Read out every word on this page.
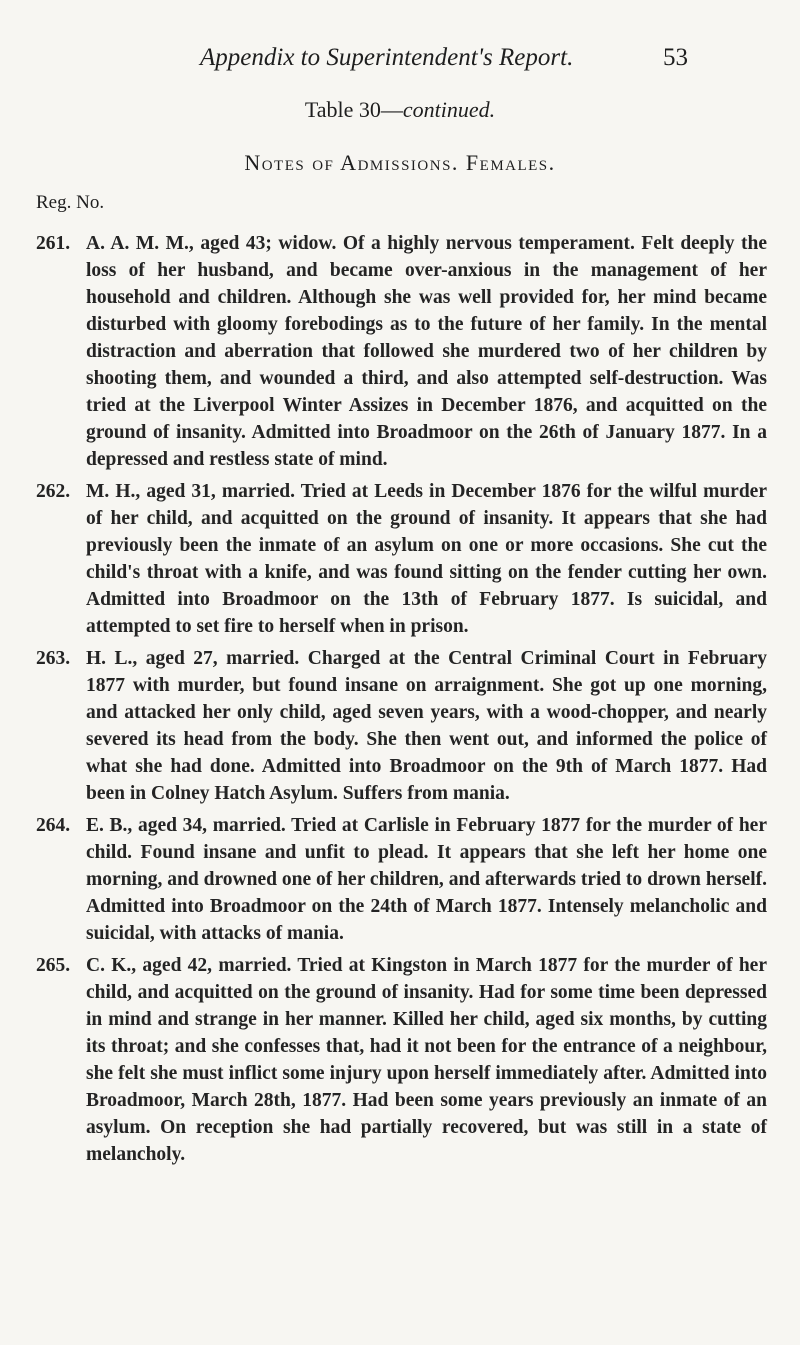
Appendix to Superintendent's Report.	53
Table 30—continued.
Notes of Admissions. Females.
Reg. No.
261. A. A. M. M., aged 43; widow. Of a highly nervous temperament. Felt deeply the loss of her husband, and became over-anxious in the management of her household and children. Although she was well provided for, her mind became disturbed with gloomy forebodings as to the future of her family. In the mental distraction and aberration that followed she murdered two of her children by shooting them, and wounded a third, and also attempted self-destruction. Was tried at the Liverpool Winter Assizes in December 1876, and acquitted on the ground of insanity. Admitted into Broadmoor on the 26th of January 1877. In a depressed and restless state of mind.
262. M. H., aged 31, married. Tried at Leeds in December 1876 for the wilful murder of her child, and acquitted on the ground of insanity. It appears that she had previously been the inmate of an asylum on one or more occasions. She cut the child's throat with a knife, and was found sitting on the fender cutting her own. Admitted into Broadmoor on the 13th of February 1877. Is suicidal, and attempted to set fire to herself when in prison.
263. H. L., aged 27, married. Charged at the Central Criminal Court in February 1877 with murder, but found insane on arraignment. She got up one morning, and attacked her only child, aged seven years, with a wood-chopper, and nearly severed its head from the body. She then went out, and informed the police of what she had done. Admitted into Broadmoor on the 9th of March 1877. Had been in Colney Hatch Asylum. Suffers from mania.
264. E. B., aged 34, married. Tried at Carlisle in February 1877 for the murder of her child. Found insane and unfit to plead. It appears that she left her home one morning, and drowned one of her children, and afterwards tried to drown herself. Admitted into Broadmoor on the 24th of March 1877. Intensely melancholic and suicidal, with attacks of mania.
265. C. K., aged 42, married. Tried at Kingston in March 1877 for the murder of her child, and acquitted on the ground of insanity. Had for some time been depressed in mind and strange in her manner. Killed her child, aged six months, by cutting its throat; and she confesses that, had it not been for the entrance of a neighbour, she felt she must inflict some injury upon herself immediately after. Admitted into Broadmoor, March 28th, 1877. Had been some years previously an inmate of an asylum. On reception she had partially recovered, but was still in a state of melancholy.
